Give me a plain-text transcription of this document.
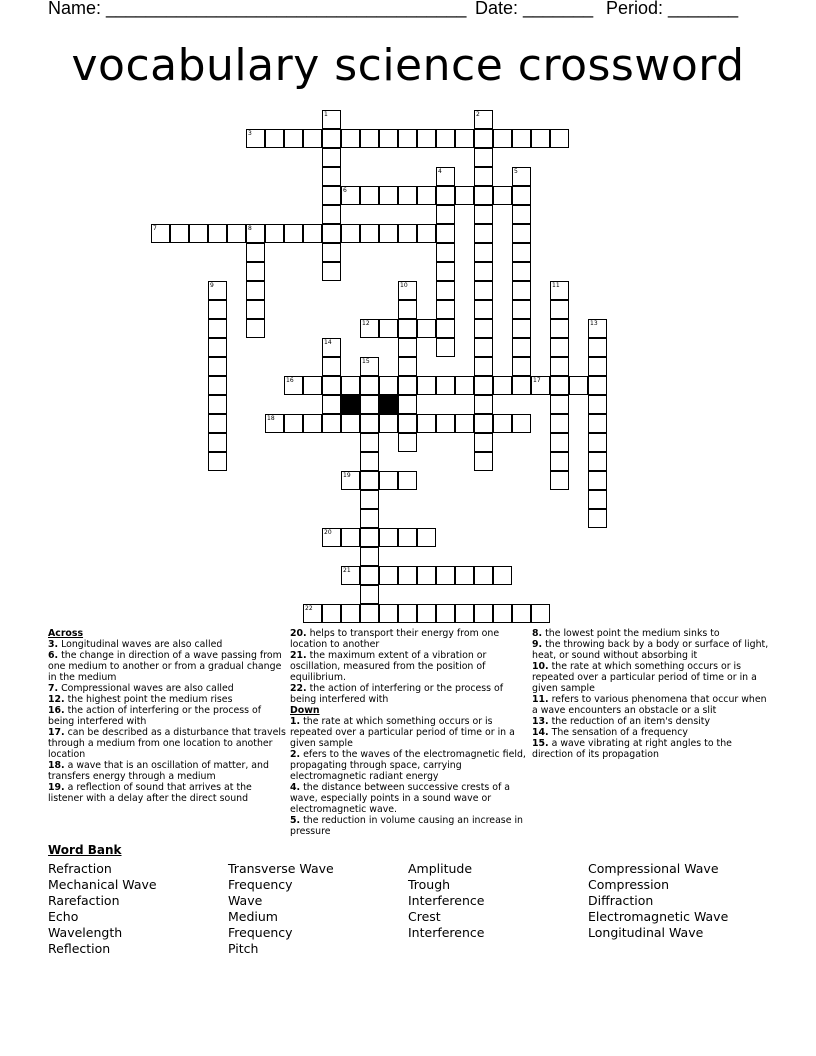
Name: ____________________________________ Date: _______ Period: _______
vocabulary science crossword
3
6
7	8
12
16	17
18
19
20
21
22
1	2
4	5
9	10	11
13
14
15
Across

3. Longitudinal waves are also called

6. the change in direction of a wave passing from one medium to another or from a gradual change in the medium

7. Compressional waves are also called

12. the highest point the medium rises

16. the action of interfering or the process of being interfered with

17. can be described as a disturbance that travels through a medium from one location to another location

18. a wave that is an oscillation of matter, and transfers energy through a medium

19. a reflection of sound that arrives at the listener with a delay after the direct sound

20. helps to transport their energy from one location to another

21. the maximum extent of a vibration or oscillation, measured from the position of equilibrium.

22. the action of interfering or the process of being interfered with

Down

1. the rate at which something occurs or is repeated over a particular period of time or in a given sample

2. efers to the waves of the electromagnetic field, propagating through space, carrying electromagnetic radiant energy

4. the distance between successive crests of a wave, especially points in a sound wave or electromagnetic wave.

5. the reduction in volume causing an increase in pressure

8. the lowest point the medium sinks to

9. the throwing back by a body or surface of light, heat, or sound without absorbing it

10. the rate at which something occurs or is repeated over a particular period of time or in a given sample

11. refers to various phenomena that occur when a wave encounters an obstacle or a slit

13. the reduction of an item's density

14. The sensation of a frequency

15. a wave vibrating at right angles to the direction of its propagation

Word Bank
Refraction
Mechanical Wave
Rarefaction
Echo
Wavelength
Reflection
Transverse Wave
Frequency
Wave
Medium
Frequency
Pitch
Amplitude
Trough
Interference
Crest
Interference
Compressional Wave
Compression
Diffraction
Electromagnetic Wave
Longitudinal Wave
